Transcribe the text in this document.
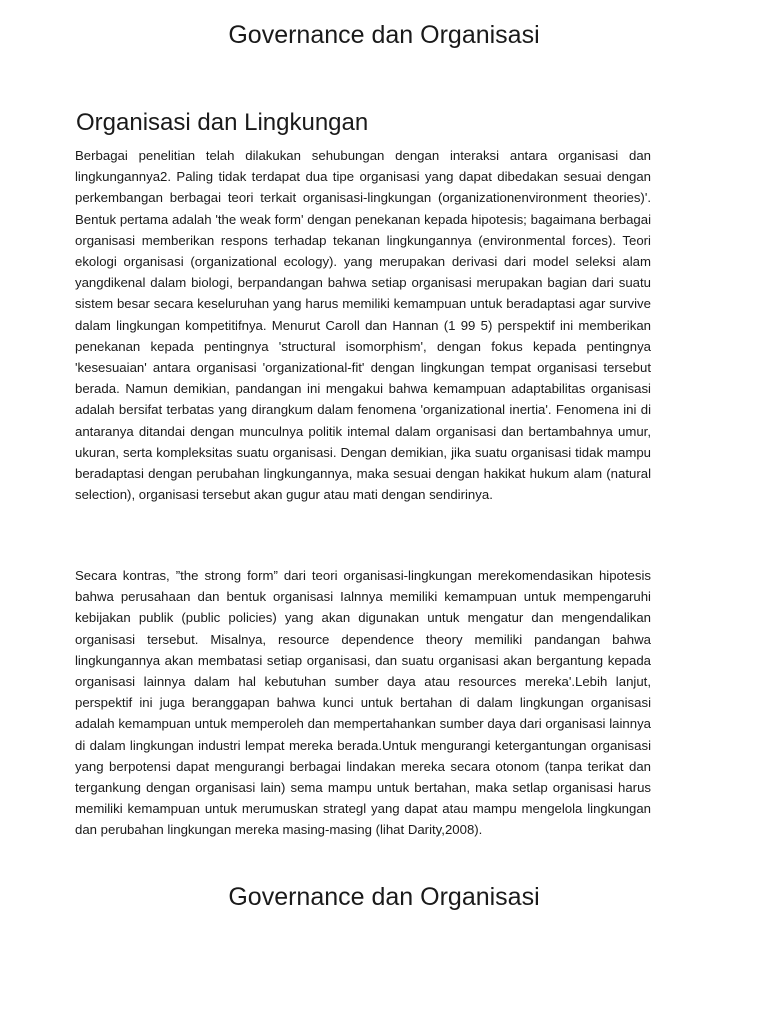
Governance dan Organisasi
Organisasi dan Lingkungan

Berbagai penelitian telah dilakukan sehubungan dengan interaksi antara organisasi dan lingkungannya2. Paling tidak terdapat dua tipe organisasi yang dapat dibedakan sesuai dengan perkembangan berbagai teori terkait organisasi-lingkungan (organizationenvironment theories)'. Bentuk pertama adalah 'the weak form' dengan penekanan kepada hipotesis; bagaimana berbagai organisasi memberikan respons terhadap tekanan lingkungannya (environmental forces). Teori ekologi organisasi (organizational ecology). yang merupakan derivasi dari model seleksi alam yangdikenal dalam biologi, berpandangan bahwa setiap organisasi merupakan bagian dari suatu sistem besar secara keseluruhan yang harus memiliki kemampuan untuk beradaptasi agar survive dalam lingkungan kompetitifnya. Menurut Caroll dan Hannan (1 99 5) perspektif ini memberikan penekanan kepada pentingnya 'structural isomorphism', dengan fokus kepada pentingnya 'kesesuaian' antara organisasi 'organizational-fit' dengan lingkungan tempat organisasi tersebut berada. Namun demikian, pandangan ini mengakui bahwa kemampuan adaptabilitas organisasi adalah bersifat terbatas yang dirangkum dalam fenomena 'organizational inertia'. Fenomena ini di antaranya ditandai dengan munculnya politik intemal dalam organisasi dan bertambahnya umur, ukuran, serta kompleksitas suatu organisasi. Dengan demikian, jika suatu organisasi tidak mampu beradaptasi dengan perubahan lingkungannya, maka sesuai dengan hakikat hukum alam (natural selection), organisasi tersebut akan gugur atau mati dengan sendirinya.

Secara kontras, ”the strong form” dari teori organisasi-lingkungan merekomendasikan hipotesis bahwa perusahaan dan bentuk organisasi Ialnnya memiliki kemampuan untuk mempengaruhi kebijakan publik (public policies) yang akan digunakan untuk mengatur dan mengendalikan organisasi tersebut. Misalnya, resource dependence theory memiliki pandangan bahwa lingkungannya akan membatasi setiap organisasi, dan suatu organisasi akan bergantung kepada organisasi lainnya dalam hal kebutuhan sumber daya atau resources mereka'.Lebih lanjut, perspektif ini juga beranggapan bahwa kunci untuk bertahan di dalam lingkungan organisasi adalah kemampuan untuk memperoleh dan mempertahankan sumber daya dari organisasi lainnya di dalam lingkungan industri lempat mereka berada.Untuk mengurangi ketergantungan organisasi yang berpotensi dapat mengurangi berbagai lindakan mereka secara otonom (tanpa terikat dan tergankung dengan organisasi lain) sema mampu untuk bertahan, maka setlap organisasi harus memiliki kemampuan untuk merumuskan strategl yang dapat atau mampu mengelola lingkungan dan perubahan lingkungan mereka masing-masing (lihat Darity,2008).

Governance dan Organisasi
